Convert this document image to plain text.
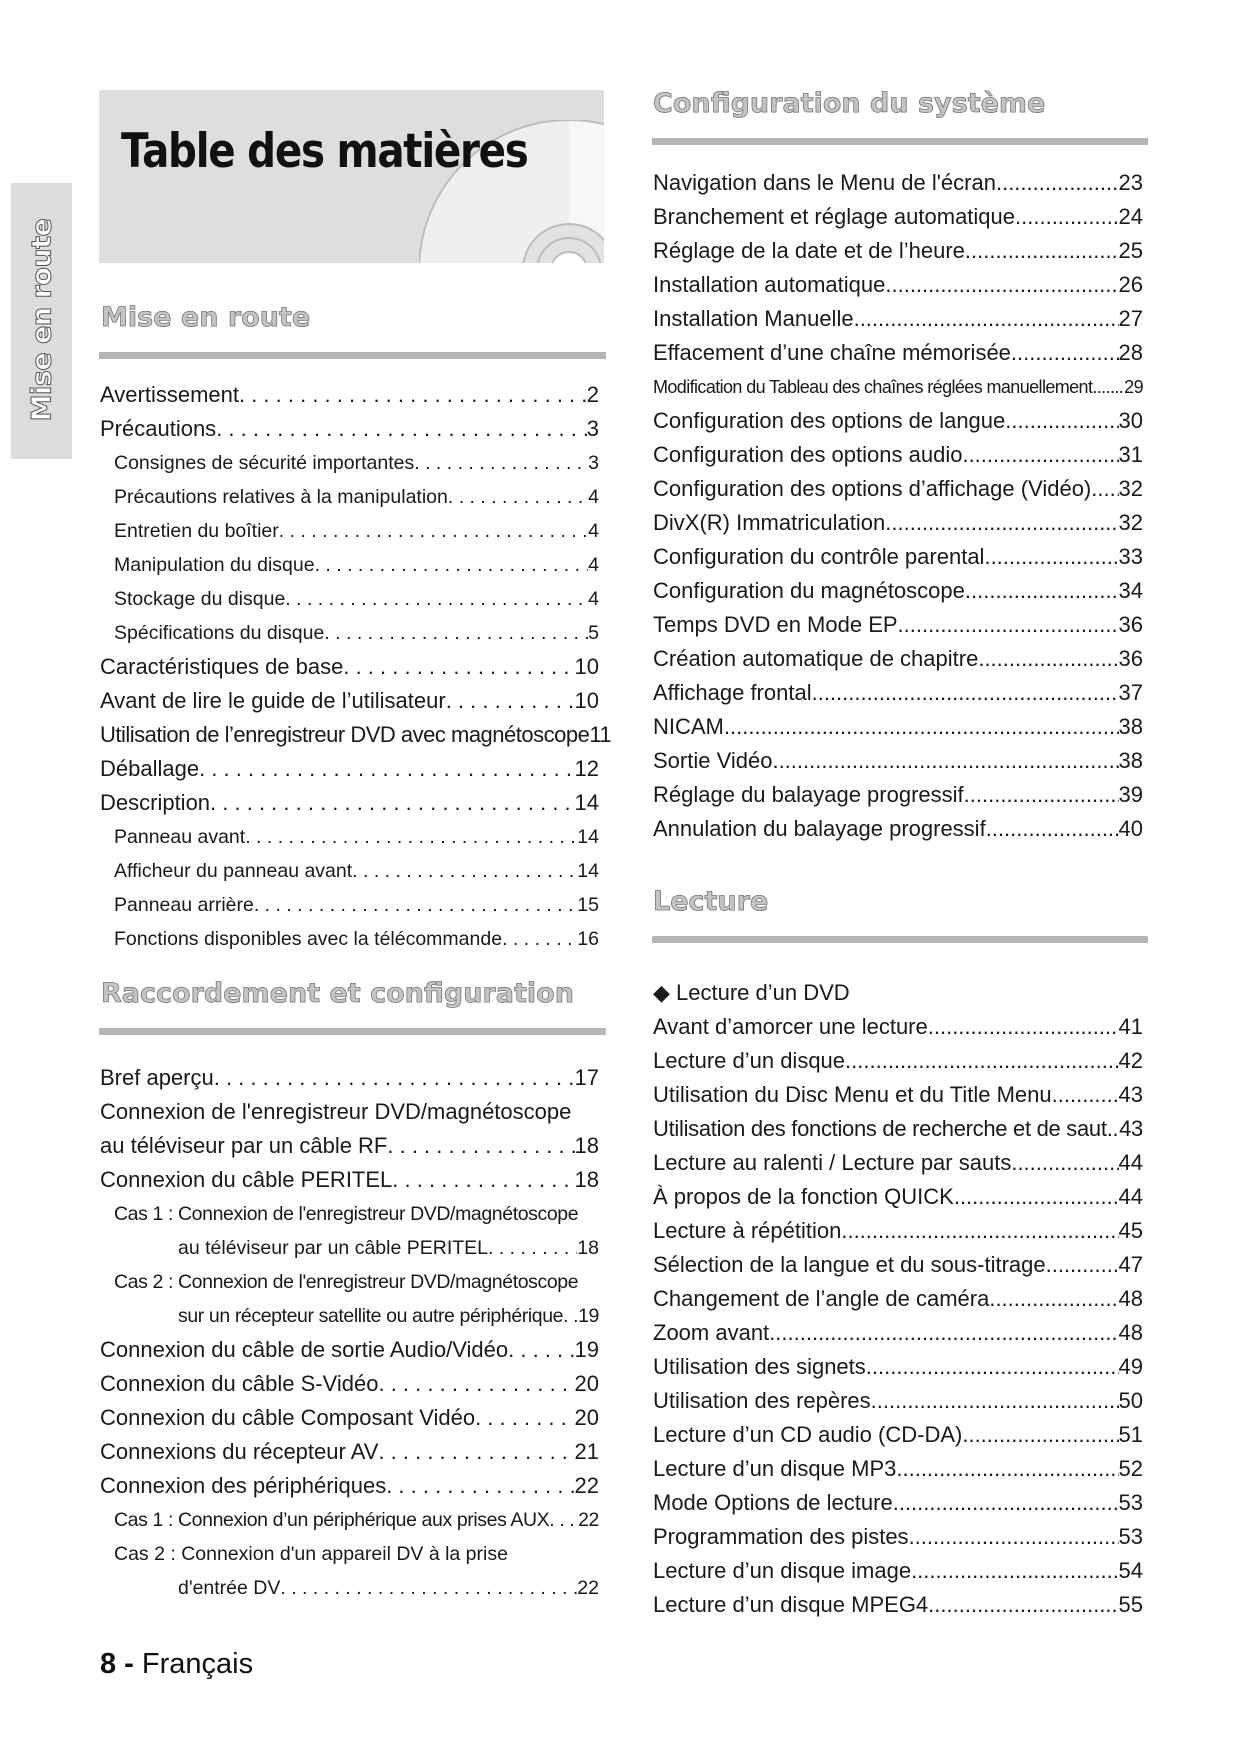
Mise en route
Table des matières
Mise en route
Avertissement . . .	2
Précautions . . .	3
Consignes de sécurité importantes . . .	3
Précautions relatives à la manipulation . . .	4
Entretien du boîtier . . .	4
Manipulation du disque . . .	4
Stockage du disque . . .	4
Spécifications du disque . . .	5
Caractéristiques de base . . .	10
Avant de lire le guide de l’utilisateur . . .	10
Utilisation de l’enregistreur DVD avec magnétoscope 11
Déballage . . .	12
Description . . .	14
Panneau avant . . .	14
Afficheur du panneau avant . . .	14
Panneau arrière . . .	15
Fonctions disponibles avec la télécommande . . .	16
Raccordement et configuration
Bref aperçu . . .	17
Connexion de l'enregistreur DVD/magnétoscope
au téléviseur par un câble RF . . .	18
Connexion du câble PERITEL . . .	18
Cas 1 : Connexion de l'enregistreur DVD/magnétoscope
au téléviseur par un câble PERITEL . . .	18
Cas 2 : Connexion de l'enregistreur DVD/magnétoscope
sur un récepteur satellite ou autre périphérique . . . 19
Connexion du câble de sortie Audio/Vidéo . . .	19
Connexion du câble S-Vidéo . . .	20
Connexion du câble Composant Vidéo . . .	20
Connexions du récepteur AV . . .	21
Connexion des périphériques . . .	22
Cas 1 : Connexion d’un périphérique aux prises AUX . . . 22
Cas 2 : Connexion d'un appareil DV à la prise
d'entrée DV . . .	22
Configuration du système
Navigation dans le Menu de l'écran .....	23
Branchement et réglage automatique .....	24
Réglage de la date et de l’heure .....	25
Installation automatique .....	26
Installation Manuelle .....	27
Effacement d’une chaîne mémorisée .....	28
Modification du Tableau des chaînes réglées manuellement ..... 29
Configuration des options de langue .....	30
Configuration des options audio .....	31
Configuration des options d’affichage (Vidéo) ..... 32
DivX(R) Immatriculation .....	32
Configuration du contrôle parental .....	33
Configuration du magnétoscope .....	34
Temps DVD en Mode EP .....	36
Création automatique de chapitre .....	36
Affichage frontal .....	37
NICAM .....	38
Sortie Vidéo .....	38
Réglage du balayage progressif .....	39
Annulation du balayage progressif .....	40
Lecture
◆ Lecture d’un DVD
Avant d’amorcer une lecture .....	41
Lecture d’un disque .....	42
Utilisation du Disc Menu et du Title Menu .....	43
Utilisation des fonctions de recherche et de saut ..... 43
Lecture au ralenti / Lecture par sauts .....	44
À propos de la fonction QUICK .....	44
Lecture à répétition .....	45
Sélection de la langue et du sous-titrage .....	47
Changement de l’angle de caméra .....	48
Zoom avant .....	48
Utilisation des signets .....	49
Utilisation des repères .....	50
Lecture d’un CD audio (CD-DA) .....	51
Lecture d’un disque MP3 .....	52
Mode Options de lecture .....	53
Programmation des pistes .....	53
Lecture d’un disque image .....	54
Lecture d’un disque MPEG4 .....	55
8 - Français
